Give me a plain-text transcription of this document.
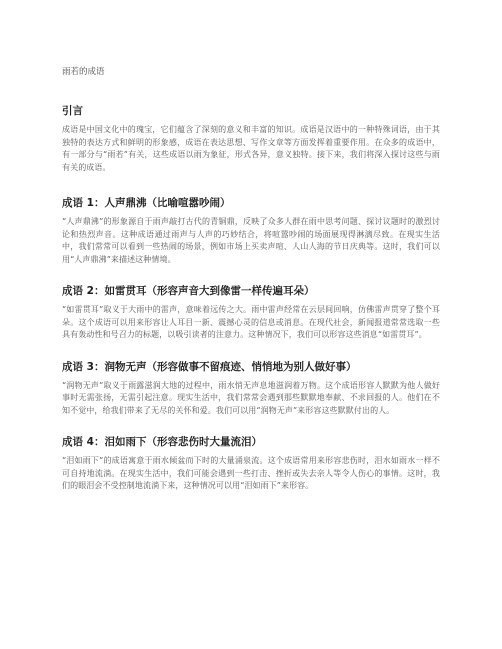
雨若的成语
引言

成语是中国文化中的瑰宝，它们蕴含了深刻的意义和丰富的知识。成语是汉语中的一种特殊词语，由于其独特的表达方式和鲜明的形象感，成语在表达思想、写作文章等方面发挥着重要作用。在众多的成语中，有一部分与“雨若”有关，这些成语以雨为象征，形式各异，意义独特。接下来，我们将深入探讨这些与雨有关的成语。

成语 1：人声鼎沸（比喻喧嚣吵闹）

“人声鼎沸”的形象源自于雨声敲打古代的青铜鼎，反映了众多人群在雨中思考问题、探讨议题时的激烈讨论和热烈声音。这种成语通过雨声与人声的巧妙结合，将喧嚣吵闹的场面展现得淋漓尽致。在现实生活中，我们常常可以看到一些热闹的场景，例如市场上买卖声喧、人山人海的节日庆典等。这时，我们可以用“人声鼎沸”来描述这种情境。

成语 2：如雷贯耳（形容声音大到像雷一样传遍耳朵）

“如雷贯耳”取义于大雨中的雷声，意味着远传之大。雨中雷声经常在云层间回响，仿佛雷声贯穿了整个耳朵。这个成语可以用来形容让人耳目一新、震撼心灵的信息或消息。在现代社会，新闻报道常常选取一些具有轰动性和号召力的标题，以吸引读者的注意力。这种情况下，我们可以形容这些消息“如雷贯耳”。

成语 3：润物无声（形容做事不留痕迹、悄悄地为别人做好事）

“润物无声”取义于雨露滋润大地的过程中，雨水悄无声息地滋润着万物。这个成语形容人默默为他人做好事时无需张扬，无需引起注意。现实生活中，我们常常会遇到那些默默地奉献、不求回报的人。他们在不知不觉中，给我们带来了无尽的关怀和爱。我们可以用“润物无声”来形容这些默默付出的人。

成语 4：泪如雨下（形容悲伤时大量流泪）

“泪如雨下”的成语寓意于雨水倾盆而下时的大量涌泉流。这个成语常用来形容悲伤时，泪水如雨水一样不可自持地流淌。在现实生活中，我们可能会遇到一些打击、挫折或失去亲人等令人伤心的事情。这时，我们的眼泪会不受控制地流淌下来，这种情况可以用“泪如雨下”来形容。
